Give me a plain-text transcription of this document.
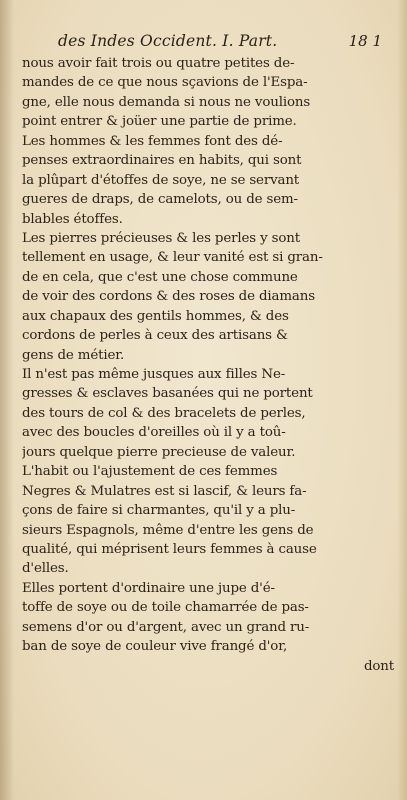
des Indes Occident. I. Part.	18 1
nous avoir fait trois ou quatre petites de-
mandes de ce que nous sçavions de l'Espa-
gne, elle nous demanda si nous ne voulions
point entrer & joüer une partie de prime.
Les hommes & les femmes font des dé-
penses extraordinaires en habits, qui sont
la plûpart d'étoffes de soye, ne se servant
gueres de draps, de camelots, ou de sem-
blables étoffes.
Les pierres précieuses & les perles y sont
tellement en usage, & leur vanité est si gran-
de en cela, que c'est une chose commune
de voir des cordons & des roses de diamans
aux chapaux des gentils hommes, & des
cordons de perles à ceux des artisans &
gens de métier.
Il n'est pas même jusques aux filles Ne-
gresses & esclaves basanées qui ne portent
des tours de col & des bracelets de perles,
avec des boucles d'oreilles où il y a toû-
jours quelque pierre precieuse de valeur.
L'habit ou l'ajustement de ces femmes
Negres & Mulatres est si lascif, & leurs fa-
çons de faire si charmantes, qu'il y a plu-
sieurs Espagnols, même d'entre les gens de
qualité, qui méprisent leurs femmes à cause
d'elles.
Elles portent d'ordinaire une jupe d'é-
toffe de soye ou de toile chamarrée de pas-
semens d'or ou d'argent, avec un grand ru-
ban de soye de couleur vive frangé d'or,
dont
